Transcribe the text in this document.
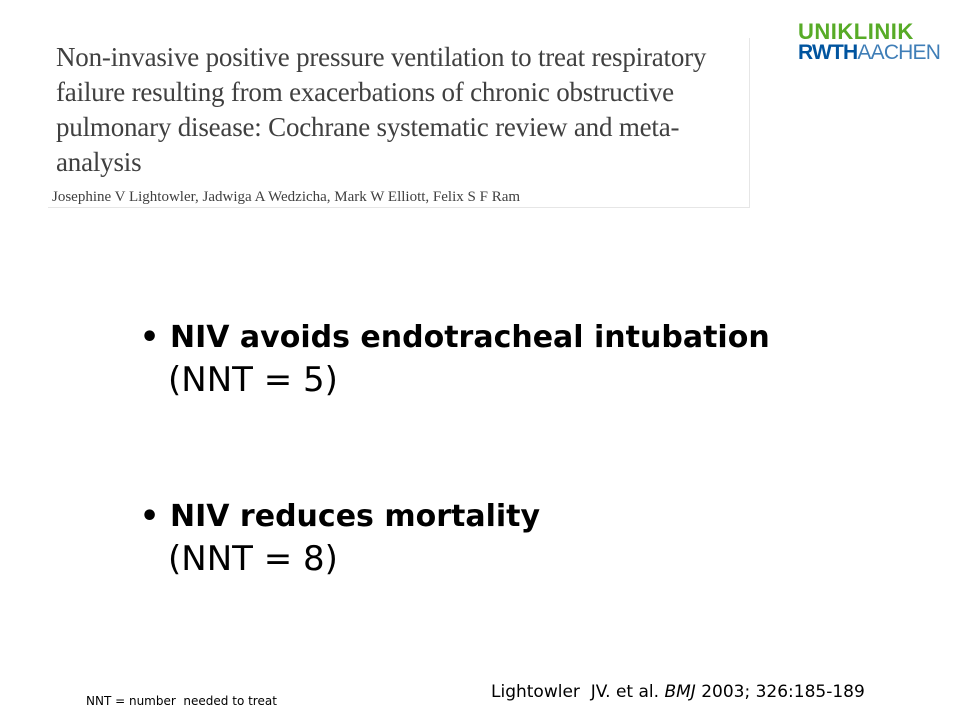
Non-invasive positive pressure ventilation to treat respiratory failure resulting from exacerbations of chronic obstructive pulmonary disease: Cochrane systematic review and meta-analysis
Josephine V Lightowler, Jadwiga A Wedzicha, Mark W Elliott, Felix S F Ram
UNIKLINIK
RWTHAACHEN
• NIV avoids endotracheal intubation
(NNT = 5)
• NIV reduces mortality
(NNT = 8)
NNT = number  needed to treat	Lightowler  JV. et al. BMJ 2003; 326:185-189
